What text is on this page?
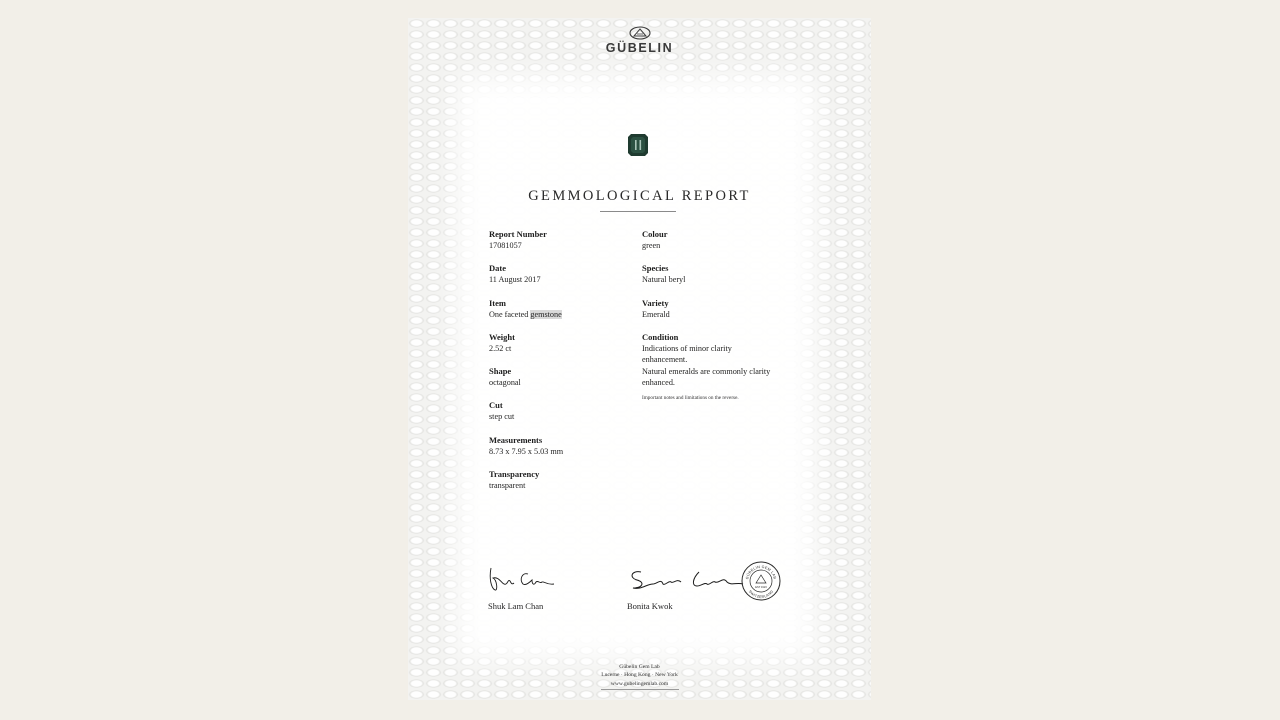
GÜBELIN
GEMMOLOGICAL REPORT
Report Number
17081057
Date
11 August 2017
Item
One faceted gemstone
Weight
2.52 ct
Shape
octagonal
Cut
step cut
Measurements
8.73 x 7.95 x 5.03 mm
Transparency
transparent
Colour
green
Species
Natural beryl
Variety
Emerald
Condition
Indications of minor clarity enhancement.
Natural emeralds are commonly clarity enhanced.
Important notes and limitations on the reverse.
Shuk Lam Chan	Bonita Kwok
GÜBELIN GEM LAB
SWITZERLAND
EST 1923
Gübelin Gem Lab
Lucerne · Hong Kong · New York
www.gubelingemlab.com
